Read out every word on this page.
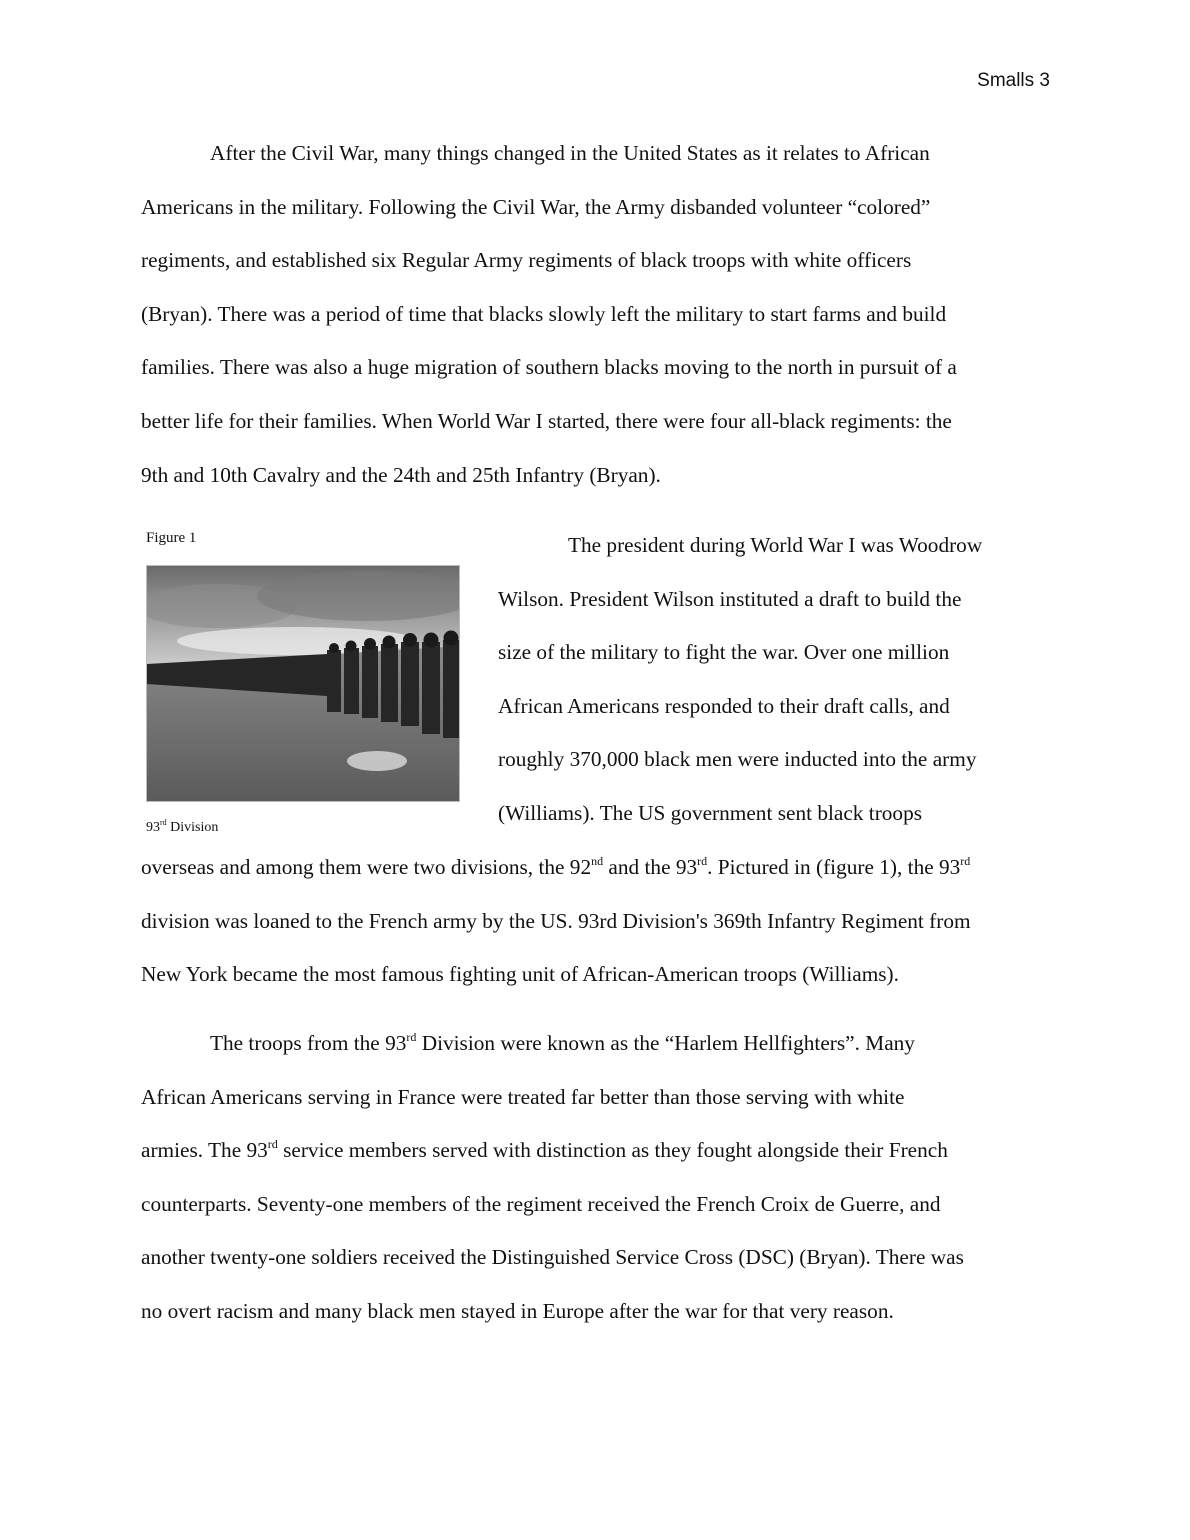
Smalls 3
After the Civil War, many things changed in the United States as it relates to African
Americans in the military. Following the Civil War, the Army disbanded volunteer “colored”
regiments, and established six Regular Army regiments of black troops with white officers
(Bryan). There was a period of time that blacks slowly left the military to start farms and build
families. There was also a huge migration of southern blacks moving to the north in pursuit of a
better life for their families. When World War I started, there were four all-black regiments: the
9th and 10th Cavalry and the 24th and 25th Infantry (Bryan).
Figure 1
93rd Division
The president during World War I was Woodrow
Wilson. President Wilson instituted a draft to build the
size of the military to fight the war. Over one million
African Americans responded to their draft calls, and
roughly 370,000 black men were inducted into the army
(Williams). The US government sent black troops
overseas and among them were two divisions, the 92nd and the 93rd. Pictured in (figure 1), the 93rd
division was loaned to the French army by the US. 93rd Division's 369th Infantry Regiment from
New York became the most famous fighting unit of African-American troops (Williams).
The troops from the 93rd Division were known as the “Harlem Hellfighters”. Many
African Americans serving in France were treated far better than those serving with white
armies. The 93rd service members served with distinction as they fought alongside their French
counterparts. Seventy-one members of the regiment received the French Croix de Guerre, and
another twenty-one soldiers received the Distinguished Service Cross (DSC) (Bryan). There was
no overt racism and many black men stayed in Europe after the war for that very reason.
